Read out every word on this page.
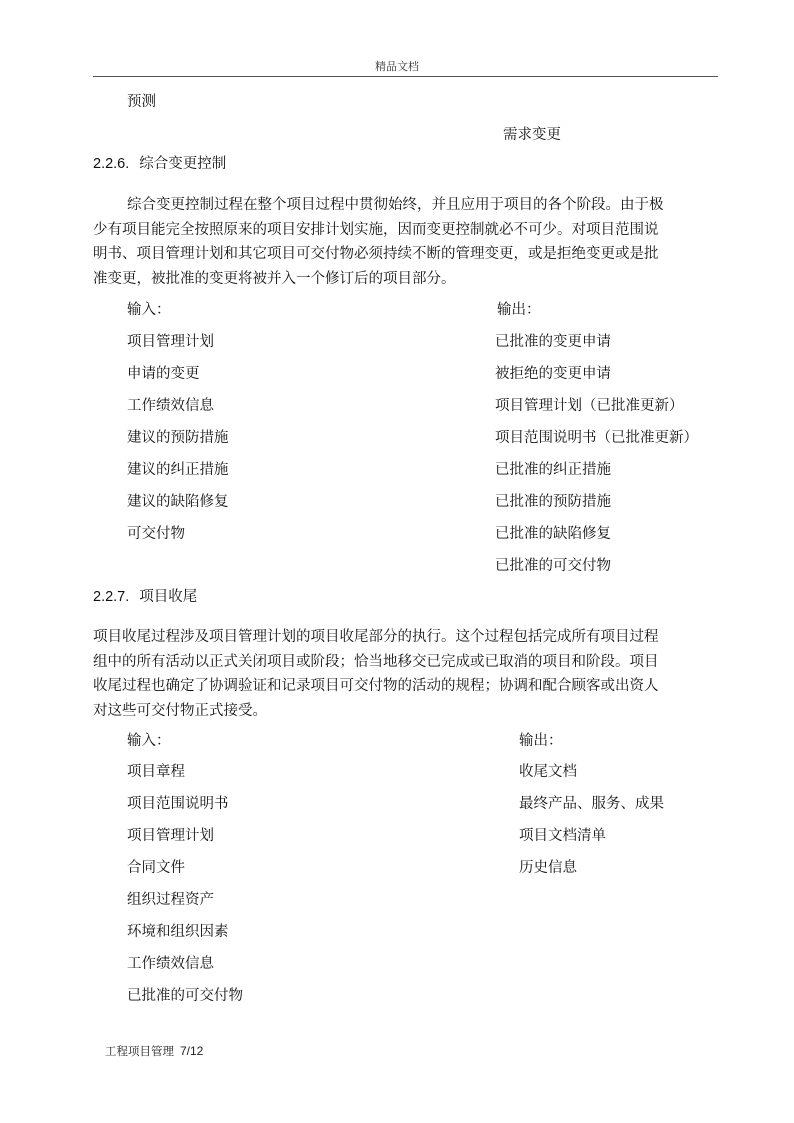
精品文档
预测
需求变更
2.2.6. 综合变更控制
综合变更控制过程在整个项目过程中贯彻始终，并且应用于项目的各个阶段。由于极
少有项目能完全按照原来的项目安排计划实施，因而变更控制就必不可少。对项目范围说
明书、项目管理计划和其它项目可交付物必须持续不断的管理变更，或是拒绝变更或是批
准变更，被批准的变更将被并入一个修订后的项目部分。
输入：	输出：
项目管理计划
申请的变更
工作绩效信息
建议的预防措施
建议的纠正措施
建议的缺陷修复
可交付物
已批准的变更申请
被拒绝的变更申请
项目管理计划（已批准更新）
项目范围说明书（已批准更新）
已批准的纠正措施
已批准的预防措施
已批准的缺陷修复
已批准的可交付物
2.2.7. 项目收尾
项目收尾过程涉及项目管理计划的项目收尾部分的执行。这个过程包括完成所有项目过程
组中的所有活动以正式关闭项目或阶段；恰当地移交已完成或已取消的项目和阶段。项目
收尾过程也确定了协调验证和记录项目可交付物的活动的规程；协调和配合顾客或出资人
对这些可交付物正式接受。
输入：	输出：
项目章程
项目范围说明书
项目管理计划
合同文件
组织过程资产
环境和组织因素
工作绩效信息
已批准的可交付物
收尾文档
最终产品、服务、成果
项目文档清单
历史信息
工程项目管理 7/12
